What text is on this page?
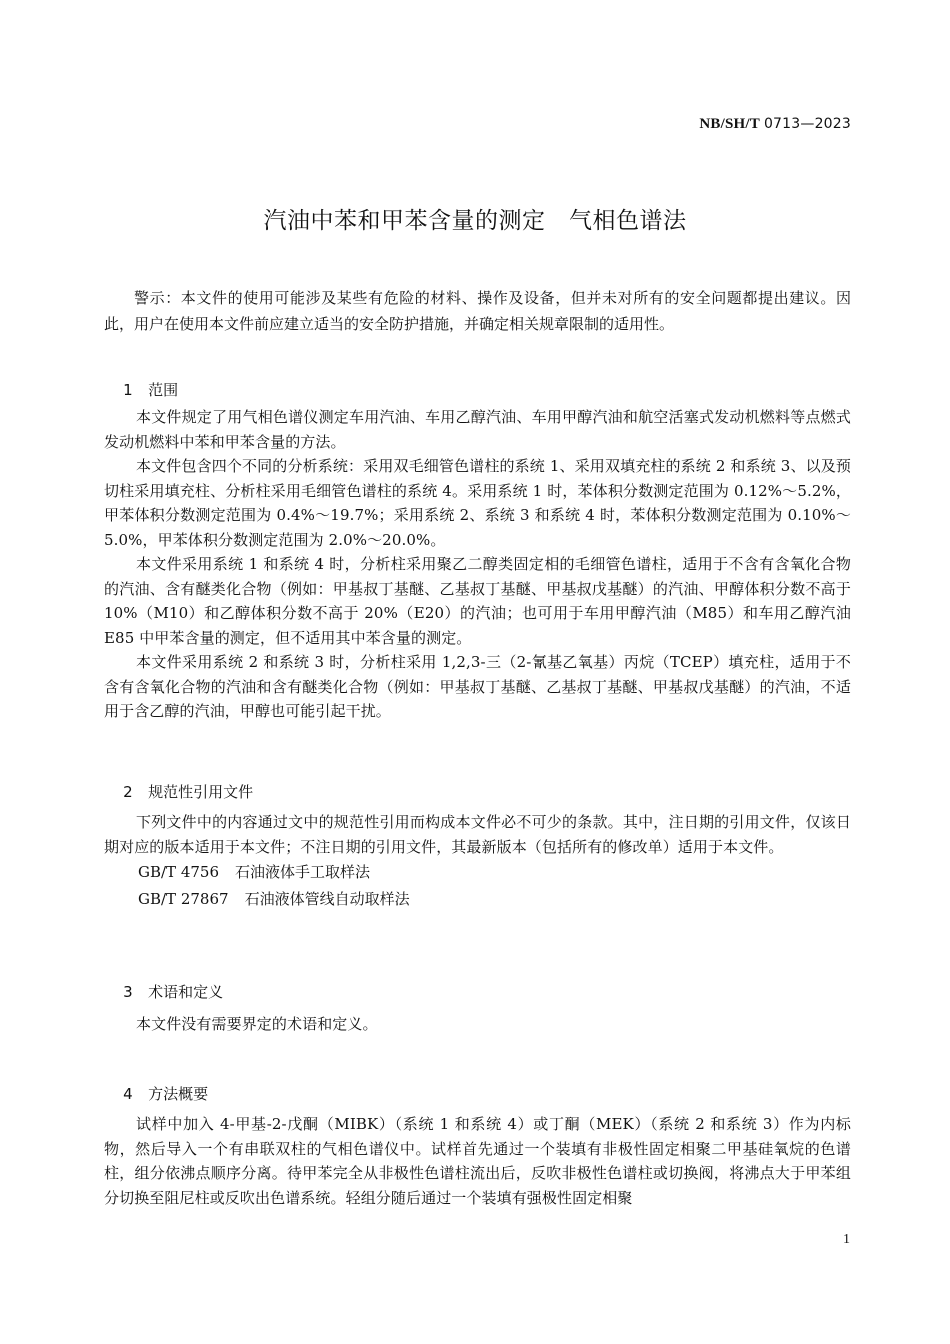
NB/SH/T 0713—2023
汽油中苯和甲苯含量的测定　气相色谱法

警示：本文件的使用可能涉及某些有危险的材料、操作及设备，但并未对所有的安全问题都提出建议。因此，用户在使用本文件前应建立适当的安全防护措施，并确定相关规章限制的适用性。

1 范围

本文件规定了用气相色谱仪测定车用汽油、车用乙醇汽油、车用甲醇汽油和航空活塞式发动机燃料等点燃式发动机燃料中苯和甲苯含量的方法。

本文件包含四个不同的分析系统：采用双毛细管色谱柱的系统 1、采用双填充柱的系统 2 和系统 3、以及预切柱采用填充柱、分析柱采用毛细管色谱柱的系统 4。采用系统 1 时，苯体积分数测定范围为 0.12%～5.2%，甲苯体积分数测定范围为 0.4%～19.7%；采用系统 2、系统 3 和系统 4 时，苯体积分数测定范围为 0.10%～5.0%，甲苯体积分数测定范围为 2.0%～20.0%。

本文件采用系统 1 和系统 4 时，分析柱采用聚乙二醇类固定相的毛细管色谱柱，适用于不含有含氧化合物的汽油、含有醚类化合物（例如：甲基叔丁基醚、乙基叔丁基醚、甲基叔戊基醚）的汽油、甲醇体积分数不高于 10%（M10）和乙醇体积分数不高于 20%（E20）的汽油；也可用于车用甲醇汽油（M85）和车用乙醇汽油 E85 中甲苯含量的测定，但不适用其中苯含量的测定。

本文件采用系统 2 和系统 3 时，分析柱采用 1,2,3-三（2-氰基乙氧基）丙烷（TCEP）填充柱，适用于不含有含氧化合物的汽油和含有醚类化合物（例如：甲基叔丁基醚、乙基叔丁基醚、甲基叔戊基醚）的汽油，不适用于含乙醇的汽油，甲醇也可能引起干扰。

2 规范性引用文件

下列文件中的内容通过文中的规范性引用而构成本文件必不可少的条款。其中，注日期的引用文件，仅该日期对应的版本适用于本文件；不注日期的引用文件，其最新版本（包括所有的修改单）适用于本文件。

GB/T 4756 石油液体手工取样法

GB/T 27867 石油液体管线自动取样法

3 术语和定义

本文件没有需要界定的术语和定义。

4 方法概要

试样中加入 4-甲基-2-戊酮（MIBK）（系统 1 和系统 4）或丁酮（MEK）（系统 2 和系统 3）作为内标物，然后导入一个有串联双柱的气相色谱仪中。试样首先通过一个装填有非极性固定相聚二甲基硅氧烷的色谱柱，组分依沸点顺序分离。待甲苯完全从非极性色谱柱流出后，反吹非极性色谱柱或切换阀，将沸点大于甲苯组分切换至阻尼柱或反吹出色谱系统。轻组分随后通过一个装填有强极性固定相聚

1
